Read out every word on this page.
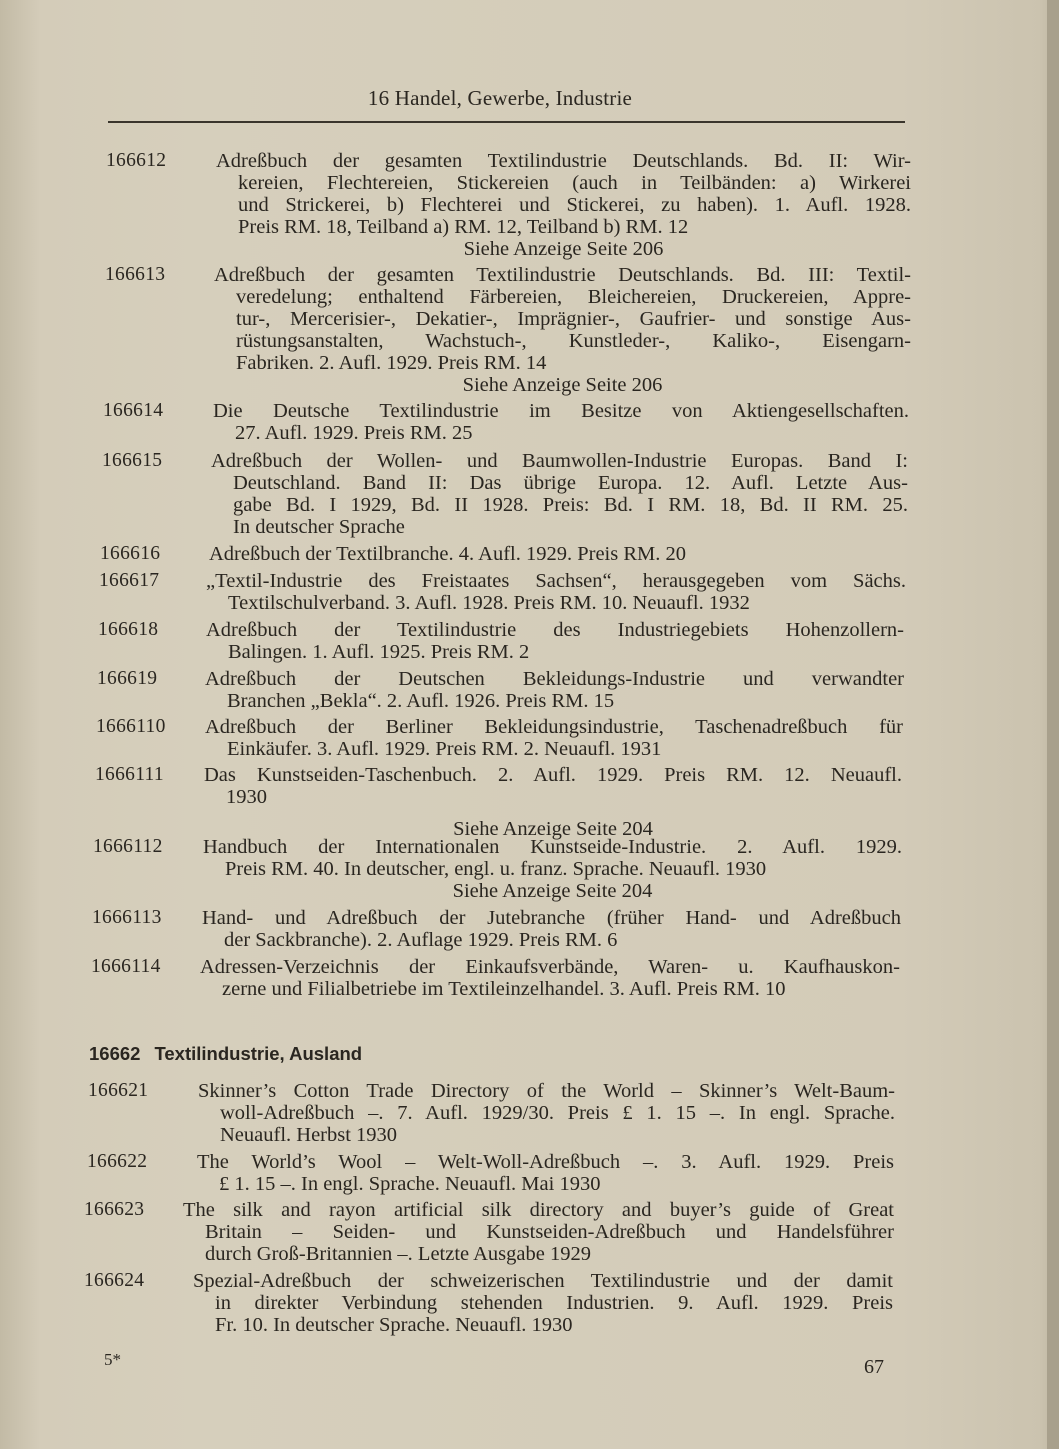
16 Handel, Gewerbe, Industrie
166612 Adreßbuch der gesamten Textilindustrie Deutschlands. Bd. II: Wir-
kereien, Flechtereien, Stickereien (auch in Teilbänden: a) Wirkerei
und Strickerei, b) Flechterei und Stickerei, zu haben). 1. Aufl. 1928.
Preis RM. 18, Teilband a) RM. 12, Teilband b) RM. 12
Siehe Anzeige Seite 206
166613 Adreßbuch der gesamten Textilindustrie Deutschlands. Bd. III: Textil-
veredelung; enthaltend Färbereien, Bleichereien, Druckereien, Appre-
tur-, Mercerisier-, Dekatier-, Imprägnier-, Gaufrier- und sonstige Aus-
rüstungsanstalten, Wachstuch-, Kunstleder-, Kaliko-, Eisengarn-
Fabriken. 2. Aufl. 1929. Preis RM. 14
Siehe Anzeige Seite 206
166614 Die Deutsche Textilindustrie im Besitze von Aktiengesellschaften.
27. Aufl. 1929. Preis RM. 25
166615 Adreßbuch der Wollen- und Baumwollen-Industrie Europas. Band I:
Deutschland. Band II: Das übrige Europa. 12. Aufl. Letzte Aus-
gabe Bd. I 1929, Bd. II 1928. Preis: Bd. I RM. 18, Bd. II RM. 25.
In deutscher Sprache
166616 Adreßbuch der Textilbranche. 4. Aufl. 1929. Preis RM. 20
166617 „Textil-Industrie des Freistaates Sachsen“, herausgegeben vom Sächs.
Textilschulverband. 3. Aufl. 1928. Preis RM. 10. Neuaufl. 1932
166618 Adreßbuch der Textilindustrie des Industriegebiets Hohenzollern-
Balingen. 1. Aufl. 1925. Preis RM. 2
166619 Adreßbuch der Deutschen Bekleidungs-Industrie und verwandter
Branchen „Bekla“. 2. Aufl. 1926. Preis RM. 15
1666110 Adreßbuch der Berliner Bekleidungsindustrie, Taschenadreßbuch für
Einkäufer. 3. Aufl. 1929. Preis RM. 2. Neuaufl. 1931
1666111 Das Kunstseiden-Taschenbuch. 2. Aufl. 1929. Preis RM. 12. Neuaufl.
1930
Siehe Anzeige Seite 204
1666112 Handbuch der Internationalen Kunstseide-Industrie. 2. Aufl. 1929.
Preis RM. 40. In deutscher, engl. u. franz. Sprache. Neuaufl. 1930
Siehe Anzeige Seite 204
1666113 Hand- und Adreßbuch der Jutebranche (früher Hand- und Adreßbuch
der Sackbranche). 2. Auflage 1929. Preis RM. 6
1666114 Adressen-Verzeichnis der Einkaufsverbände, Waren- u. Kaufhauskon-
zerne und Filialbetriebe im Textileinzelhandel. 3. Aufl. Preis RM. 10
16662 Textilindustrie, Ausland
166621 Skinner’s Cotton Trade Directory of the World – Skinner’s Welt-Baum-
woll-Adreßbuch –. 7. Aufl. 1929/30. Preis £ 1. 15 –. In engl. Sprache.
Neuaufl. Herbst 1930
166622 The World’s Wool – Welt-Woll-Adreßbuch –. 3. Aufl. 1929. Preis
£ 1. 15 –. In engl. Sprache. Neuaufl. Mai 1930
166623 The silk and rayon artificial silk directory and buyer’s guide of Great
Britain – Seiden- und Kunstseiden-Adreßbuch und Handelsführer
durch Groß-Britannien –. Letzte Ausgabe 1929
166624 Spezial-Adreßbuch der schweizerischen Textilindustrie und der damit
in direkter Verbindung stehenden Industrien. 9. Aufl. 1929. Preis
Fr. 10. In deutscher Sprache. Neuaufl. 1930
5*	67
